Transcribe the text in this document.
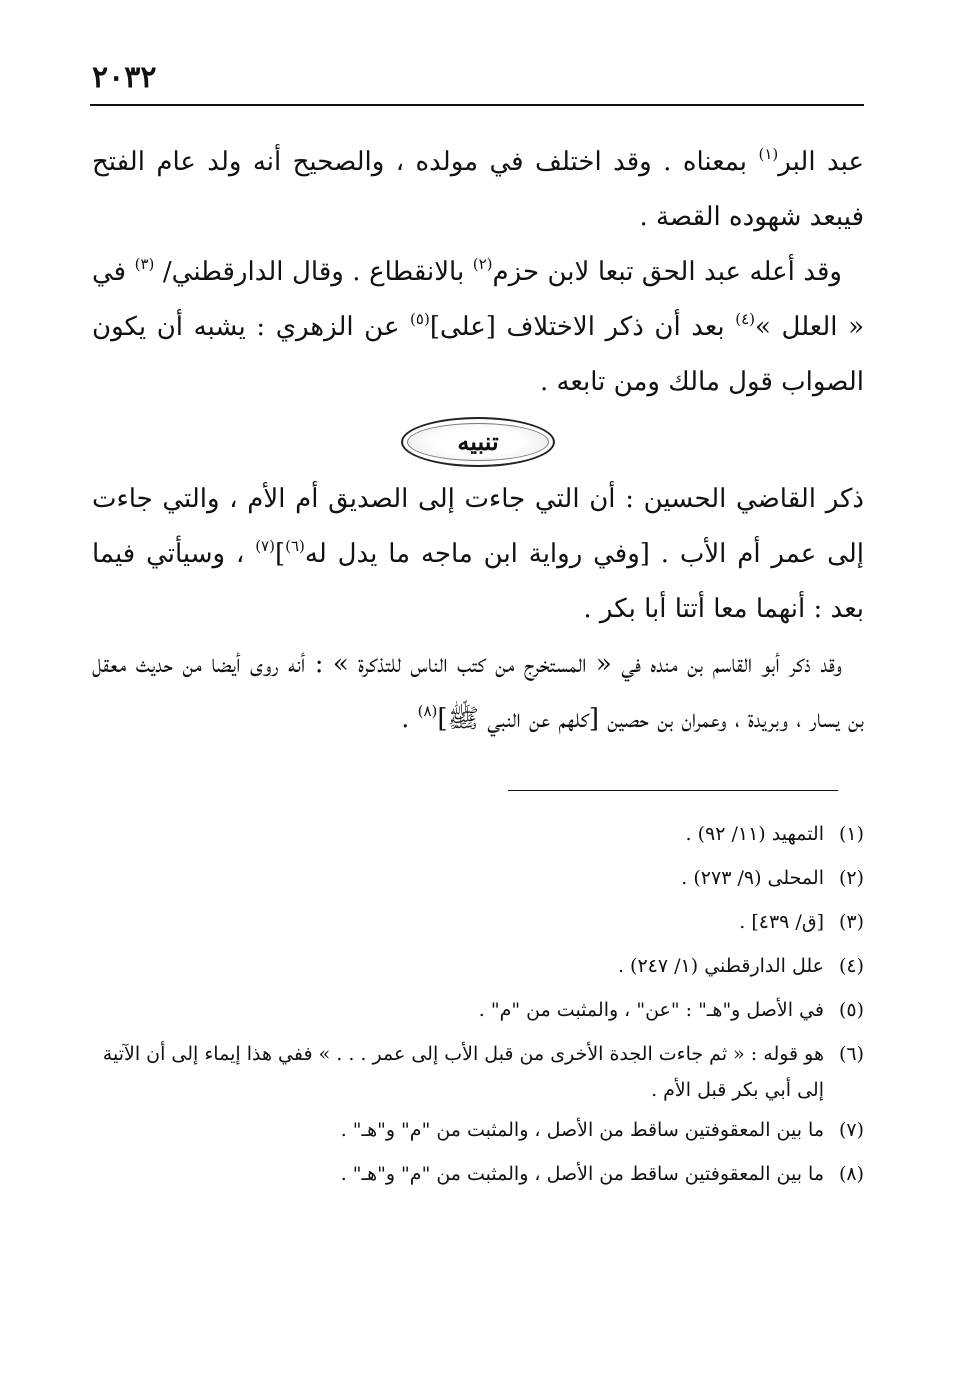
٢٠٣٢

عبد البر$^{(١)}$ بمعناه . وقد اختلف في مولده ، والصحيح أنه ولد عام الفتح فيبعد شهوده القصة .

وقد أعله عبد الحق تبعا لابن حزم$^{(٢)}$ بالانقطاع . وقال الدارقطني/ $^{(٣)}$ في « العلل »$^{(٤)}$ بعد أن ذكر الاختلاف [على]$^{(٥)}$ عن الزهري : يشبه أن يكون الصواب قول مالك ومن تابعه .

تنبيه

ذكر القاضي الحسين : أن التي جاءت إلى الصديق أم الأم ، والتي جاءت إلى عمر أم الأب . [وفي رواية ابن ماجه ما يدل له$^{(٦)}$]$^{(٧)}$ ، وسيأتي فيما بعد : أنهما معا أتتا أبا بكر .

وقد ذكر أبو القاسم بن منده في « المستخرج من كتب الناس للتذكرة » : أنه روى أيضا من حديث معقل بن يسار ، وبريدة ، وعمران بن حصين [كلهم عن النبي ﷺ]$^{(٨)}$ .

(١)
التمهيد (١١/ ٩٢) .
(٢)
المحلى (٩/ ٢٧٣) .
(٣)
[ق/ ٤٣٩] .
(٤)
علل الدارقطني (١/ ٢٤٧) .
(٥)
في الأصل و"هـ" : "عن" ، والمثبت من "م" .
(٦)
هو قوله : « ثم جاءت الجدة الأخرى من قبل الأب إلى عمر . . . » ففي هذا إيماء إلى أن الآتية إلى أبي بكر قبل الأم .
(٧)
ما بين المعقوفتين ساقط من الأصل ، والمثبت من "م" و"هـ" .
(٨)
ما بين المعقوفتين ساقط من الأصل ، والمثبت من "م" و"هـ" .
